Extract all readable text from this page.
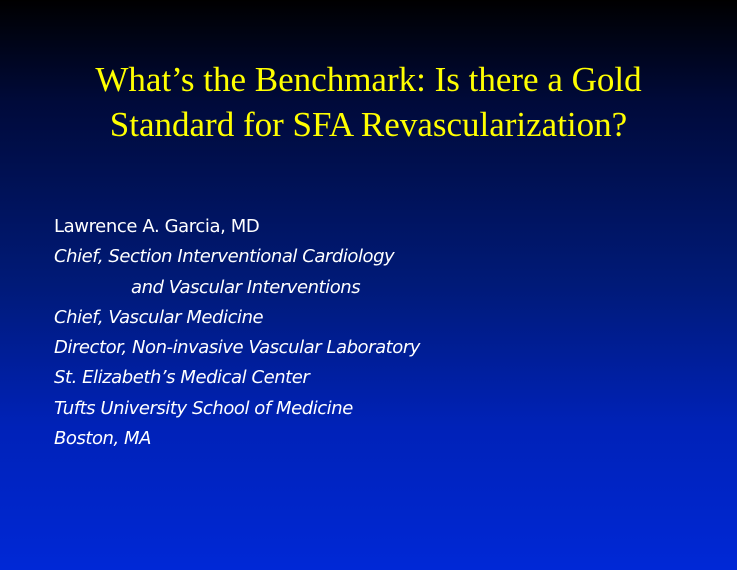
What’s the Benchmark: Is there a Gold
Standard for SFA Revascularization?
Lawrence A. Garcia, MD
Chief, Section Interventional Cardiology
and Vascular Interventions
Chief, Vascular Medicine
Director, Non-invasive Vascular Laboratory
St. Elizabeth’s Medical Center
Tufts University School of Medicine
Boston, MA
